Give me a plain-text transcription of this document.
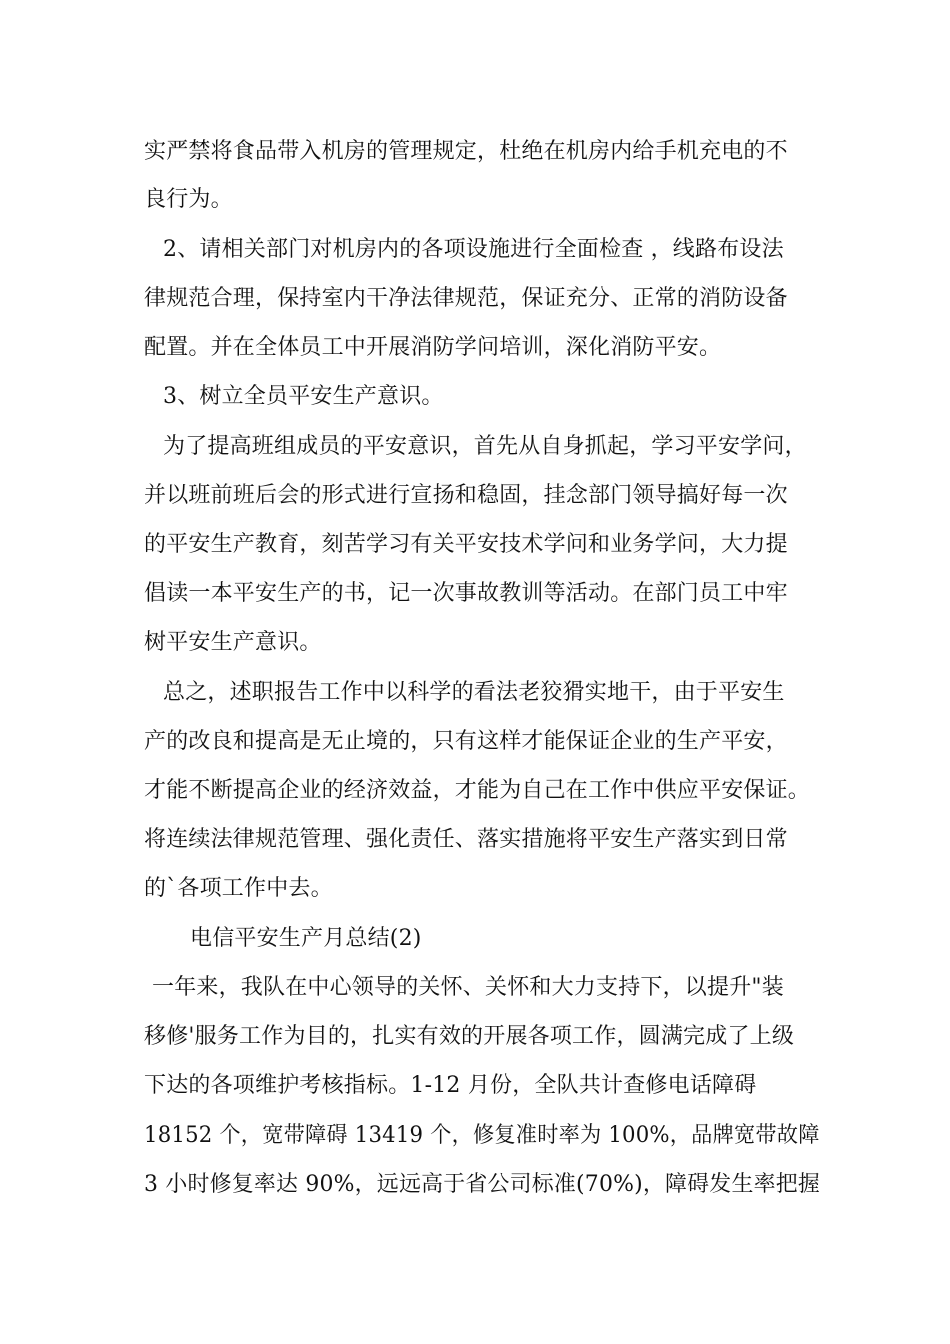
实严禁将食品带入机房的管理规定，杜绝在机房内给手机充电的不
良行为。
2、请相关部门对机房内的各项设施进行全面检查 ，线路布设法
律规范合理，保持室内干净法律规范，保证充分、正常的消防设备
配置。并在全体员工中开展消防学问培训，深化消防平安。
3、树立全员平安生产意识。
为了提高班组成员的平安意识，首先从自身抓起，学习平安学问，
并以班前班后会的形式进行宣扬和稳固，挂念部门领导搞好每一次
的平安生产教育，刻苦学习有关平安技术学问和业务学问，大力提
倡读一本平安生产的书，记一次事故教训等活动。在部门员工中牢
树平安生产意识。
总之，述职报告工作中以科学的看法老狡猾实地干，由于平安生
产的改良和提高是无止境的，只有这样才能保证企业的生产平安，
才能不断提高企业的经济效益，才能为自己在工作中供应平安保证。
将连续法律规范管理、强化责任、落实措施将平安生产落实到日常
的`各项工作中去。
电信平安生产月总结(2)
一年来，我队在中心领导的关怀、关怀和大力支持下，以提升"装
移修'服务工作为目的，扎实有效的开展各项工作，圆满完成了上级
下达的各项维护考核指标。1-12 月份，全队共计查修电话障碍
18152 个，宽带障碍 13419 个，修复准时率为 100%，品牌宽带故障
3 小时修复率达 90%，远远高于省公司标准(70%)，障碍发生率把握
